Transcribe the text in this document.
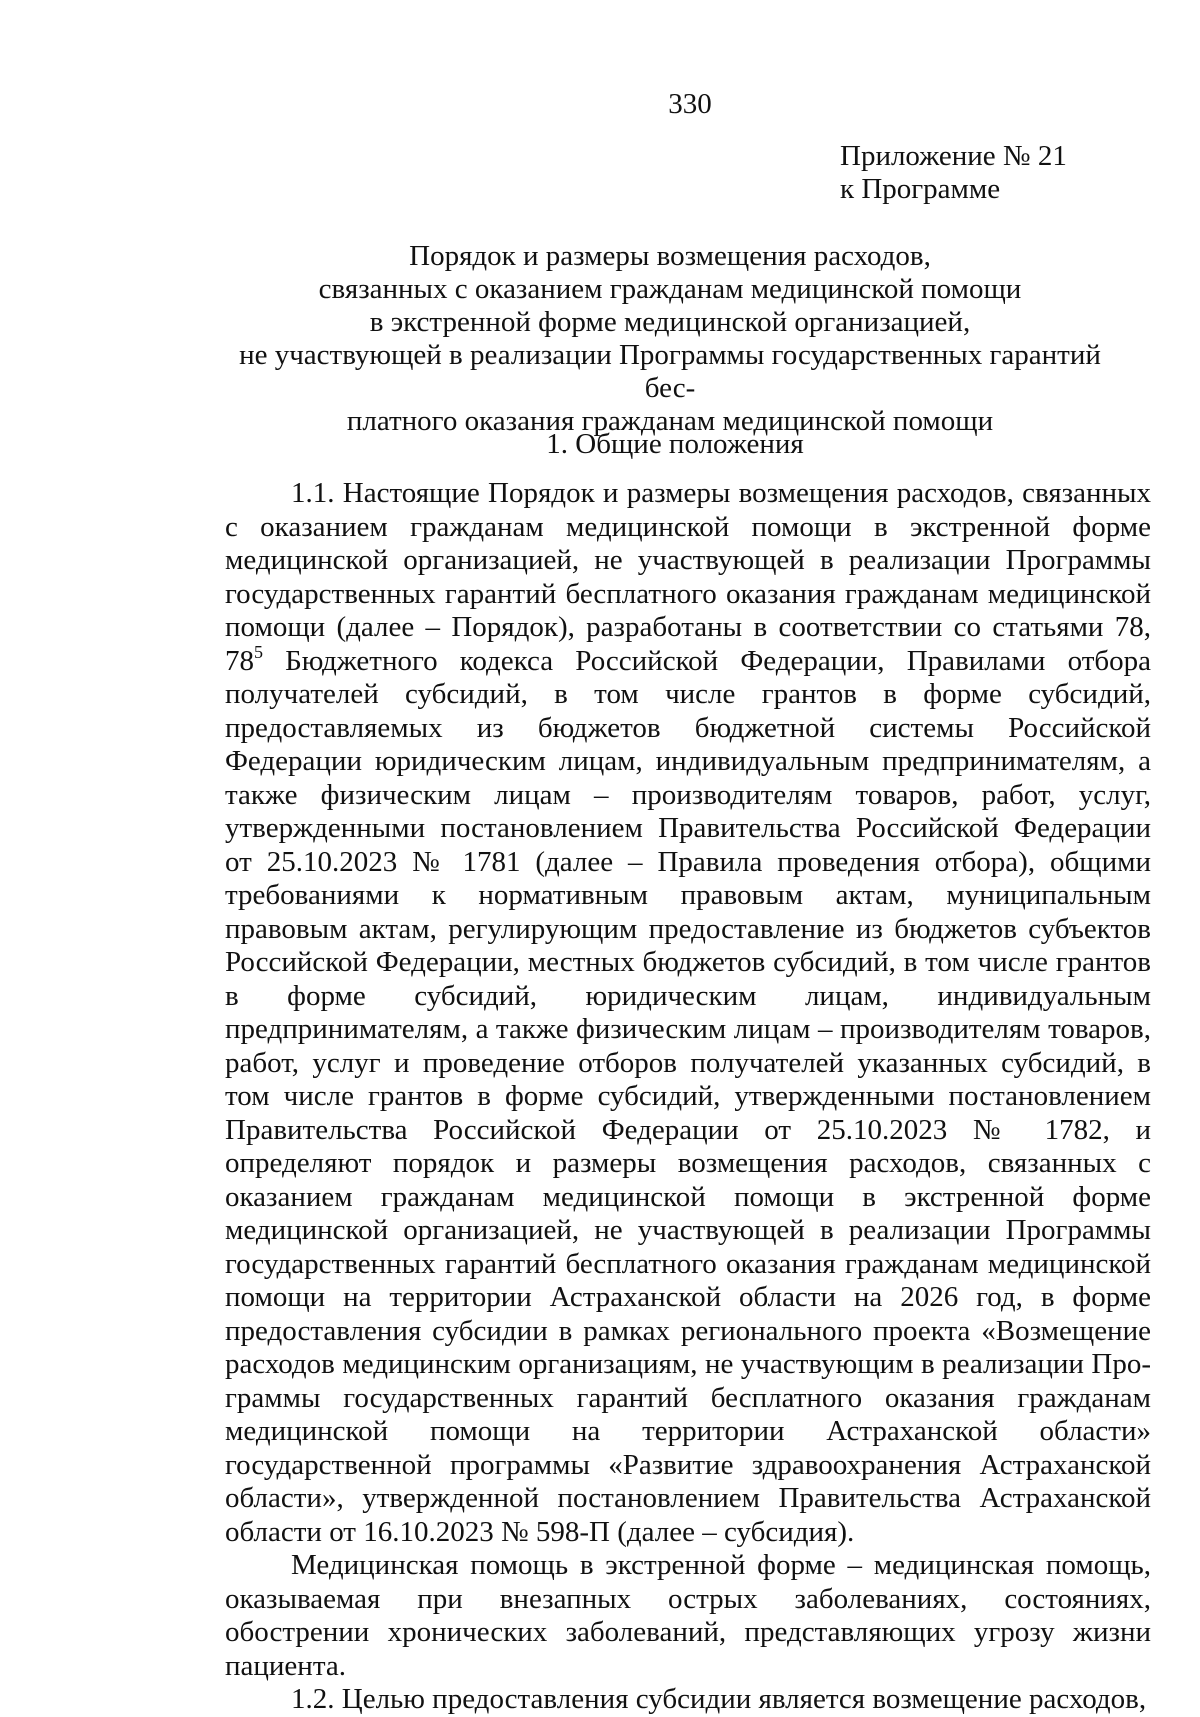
330
Приложение № 21
к Программе
Порядок и размеры возмещения расходов,
связанных с оказанием гражданам медицинской помощи
в экстренной форме медицинской организацией,
не участвующей в реализации Программы государственных гарантий бес-
платного оказания гражданам медицинской помощи
1. Общие положения

1.1. Настоящие Порядок и размеры возмещения расходов, связанных с оказанием гражданам медицинской помощи в экстренной форме медицинской организацией, не участвующей в реализации Программы государственных гарантий бесплатного оказания гражданам медицинской помощи (далее – Порядок), разработаны в соответствии со статьями 78, $78^5$ Бюджетного кодекса Российской Федерации, Правилами отбора получателей субсидий, в том числе грантов в форме субсидий, предоставляемых из бюджетов бюджетной системы Российской Федерации юридическим лицам, индивидуальным предпринимателям, а также физическим лицам – производителям товаров, работ, услуг, утвержденными постановлением Правительства Российской Федерации от 25.10.2023 № 1781 (далее – Правила проведения отбора), общими требованиями к нормативным правовым актам, муниципальным правовым актам, регулирующим предоставление из бюджетов субъектов Российской Федерации, местных бюджетов субсидий, в том числе грантов в форме субсидий, юридическим лицам, индивидуальным предпринимателям, а также физическим лицам – производителям товаров, работ, услуг и проведение отборов получателей указанных субсидий, в том числе грантов в форме субсидий, утвержденными постановлением Правительства Российской Федерации от 25.10.2023 № 1782, и определяют порядок и размеры возмещения расходов, связанных с оказанием гражданам медицинской помощи в экстренной форме медицинской организацией, не участвующей в реализации Программы государственных гарантий бесплатного оказания гражданам медицинской помощи на территории Астраханской области на 2026 год, в форме предоставления субсидии в рамках регионального проекта «Возмещение расходов медицинским организациям, не участвующим в реализации Программы государственных гарантий бесплатного оказания гражданам медицинской помощи на территории Астраханской области» государственной программы «Развитие здравоохранения Астраханской области», утвержденной постановлением Правительства Астраханской области от 16.10.2023 № 598-П (далее – субсидия).

Медицинская помощь в экстренной форме – медицинская помощь, оказываемая при внезапных острых заболеваниях, состояниях, обострении хронических заболеваний, представляющих угрозу жизни пациента.

1.2. Целью предоставления субсидии является возмещение расходов,
